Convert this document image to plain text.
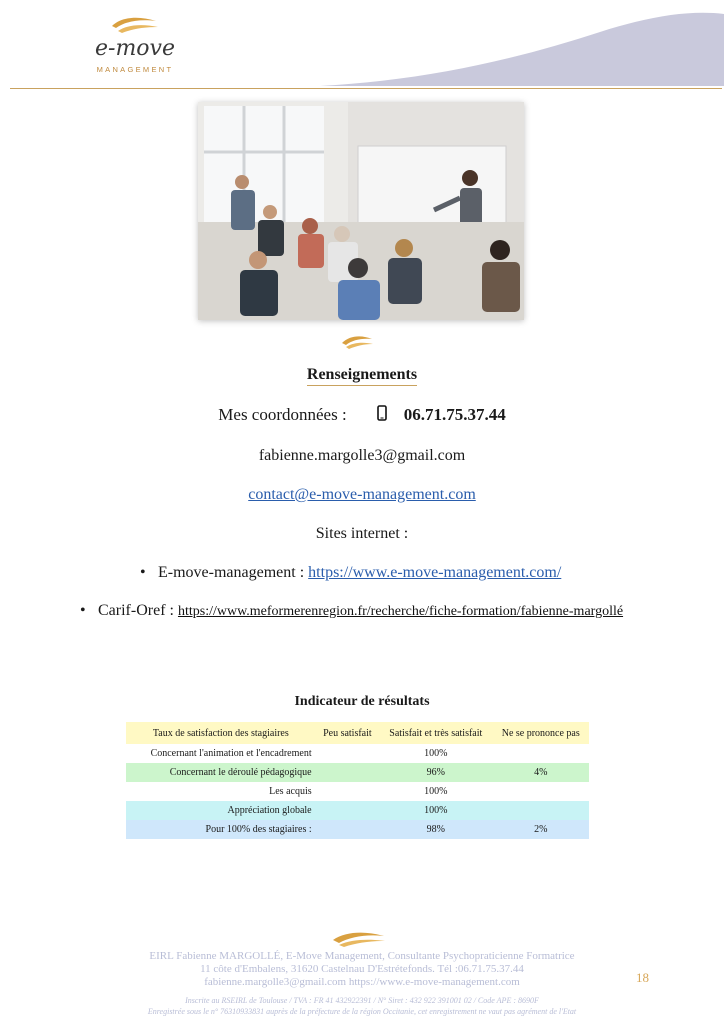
e-move
MANAGEMENT
Renseignements
Mes coordonnées :	06.71.75.37.44
fabienne.margolle3@gmail.com
contact@e-move-management.com
Sites internet :
• E-move-management : https://www.e-move-management.com/
• Carif-Oref : https://www.meformerenregion.fr/recherche/fiche-formation/fabienne-margollé
Indicateur de résultats
Taux de satisfaction des stagiaires	Peu satisfait	Satisfait et très satisfait	Ne se prononce pas
Concernant l'animation et l'encadrement		100%	
Concernant le déroulé pédagogique		96%	4%
Les acquis		100%	
Appréciation globale		100%	
Pour 100% des stagiaires :		98%	2%
EIRL Fabienne MARGOLLÉ, E-Move Management, Consultante Psychopraticienne Formatrice
11 côte d'Embalens, 31620 Castelnau D'Estrétefonds. Tél :06.71.75.37.44
fabienne.margolle3@gmail.com https://www.e-move-management.com	18
Inscrite au RSEIRL de Toulouse / TVA : FR 41 432922391 / N° Siret : 432 922 391001 02 / Code APE : 8690F
Enregistrée sous le n° 76310933831 auprès de la préfecture de la région Occitanie, cet enregistrement ne vaut pas agrément de l'Etat
